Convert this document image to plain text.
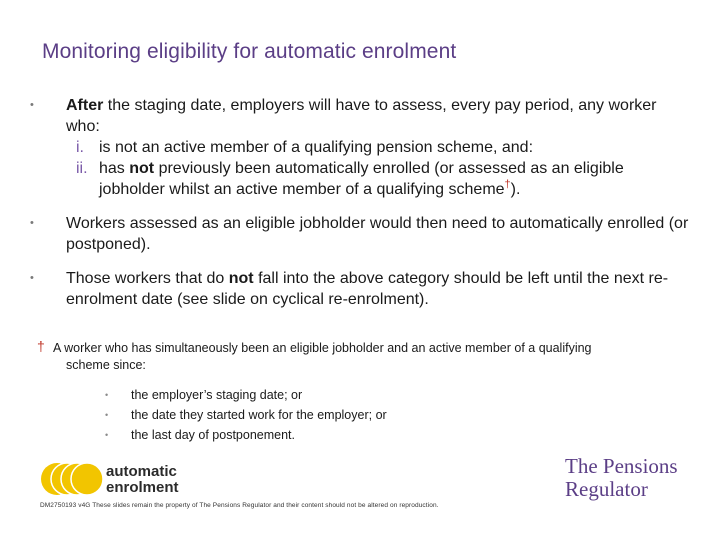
Monitoring eligibility for automatic enrolment
• After the staging date, employers will have to assess, every pay period, any worker who:
i. is not an active member of a qualifying pension scheme, and:
ii. has not previously been automatically enrolled (or assessed as an eligible jobholder whilst an active member of a qualifying scheme†).
• Workers assessed as an eligible jobholder would then need to automatically enrolled (or postponed).
• Those workers that do not fall into the above category should be left until the next re-enrolment date (see slide on cyclical re-enrolment).
† A worker who has simultaneously been an eligible jobholder and an active member of a qualifying
scheme since:
• the employer’s staging date; or
• the date they started work for the employer; or
• the last day of postponement.
automatic
enrolment
The Pensions
Regulator
DM2750193 v4G These slides remain the property of The Pensions Regulator and their content should not be altered on reproduction.
